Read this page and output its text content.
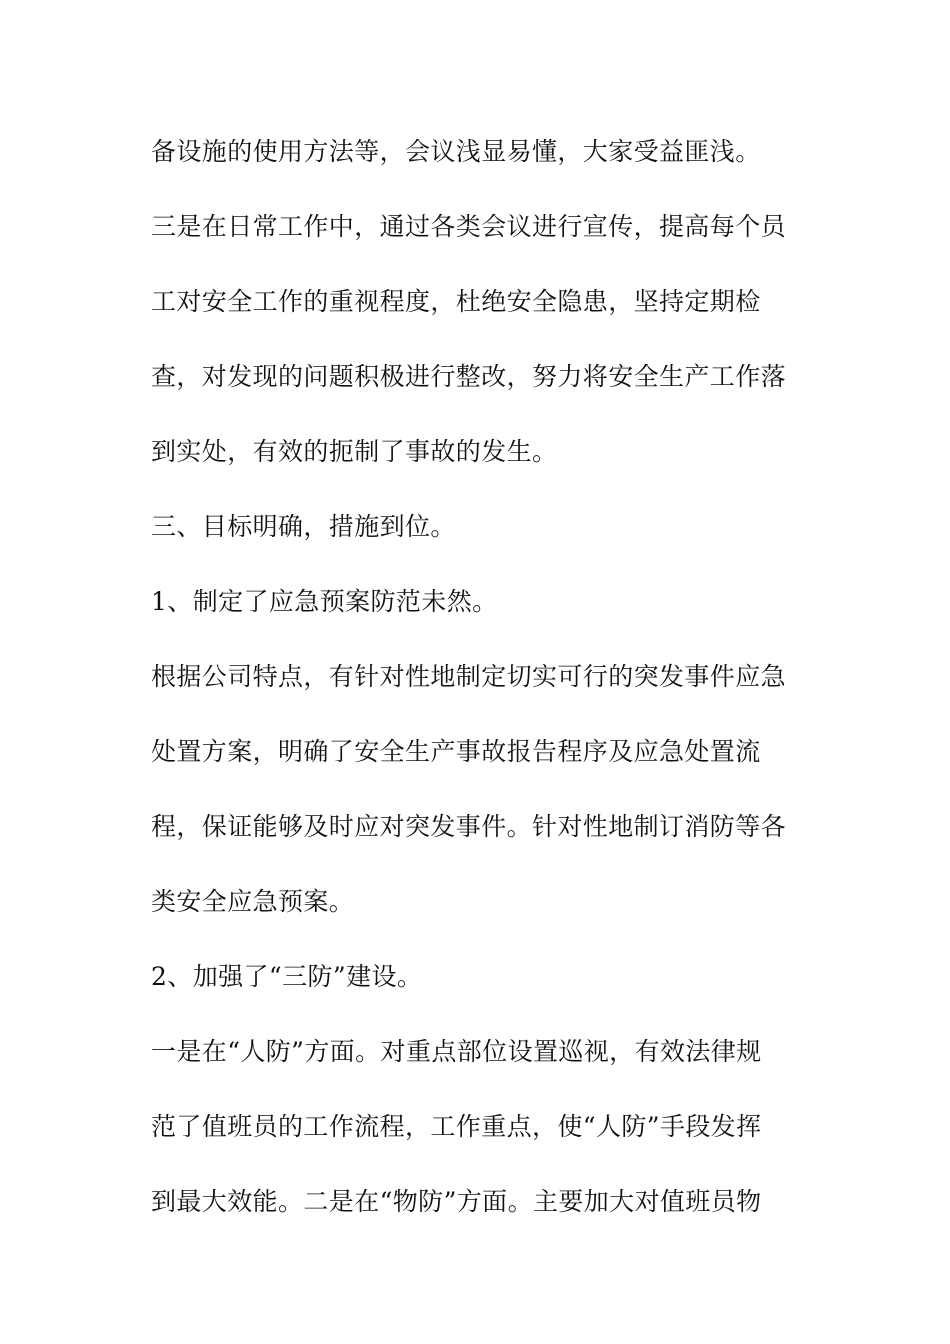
备设施的使用方法等，会议浅显易懂，大家受益匪浅。
三是在日常工作中，通过各类会议进行宣传，提高每个员
工对安全工作的重视程度，杜绝安全隐患，坚持定期检
查，对发现的问题积极进行整改，努力将安全生产工作落
到实处，有效的扼制了事故的发生。
三、目标明确，措施到位。
1、制定了应急预案防范未然。
根据公司特点，有针对性地制定切实可行的突发事件应急
处置方案，明确了安全生产事故报告程序及应急处置流
程，保证能够及时应对突发事件。针对性地制订消防等各
类安全应急预案。
2、加强了“三防”建设。
一是在“人防”方面。对重点部位设置巡视，有效法律规
范了值班员的工作流程，工作重点，使“人防”手段发挥
到最大效能。二是在“物防”方面。主要加大对值班员物
